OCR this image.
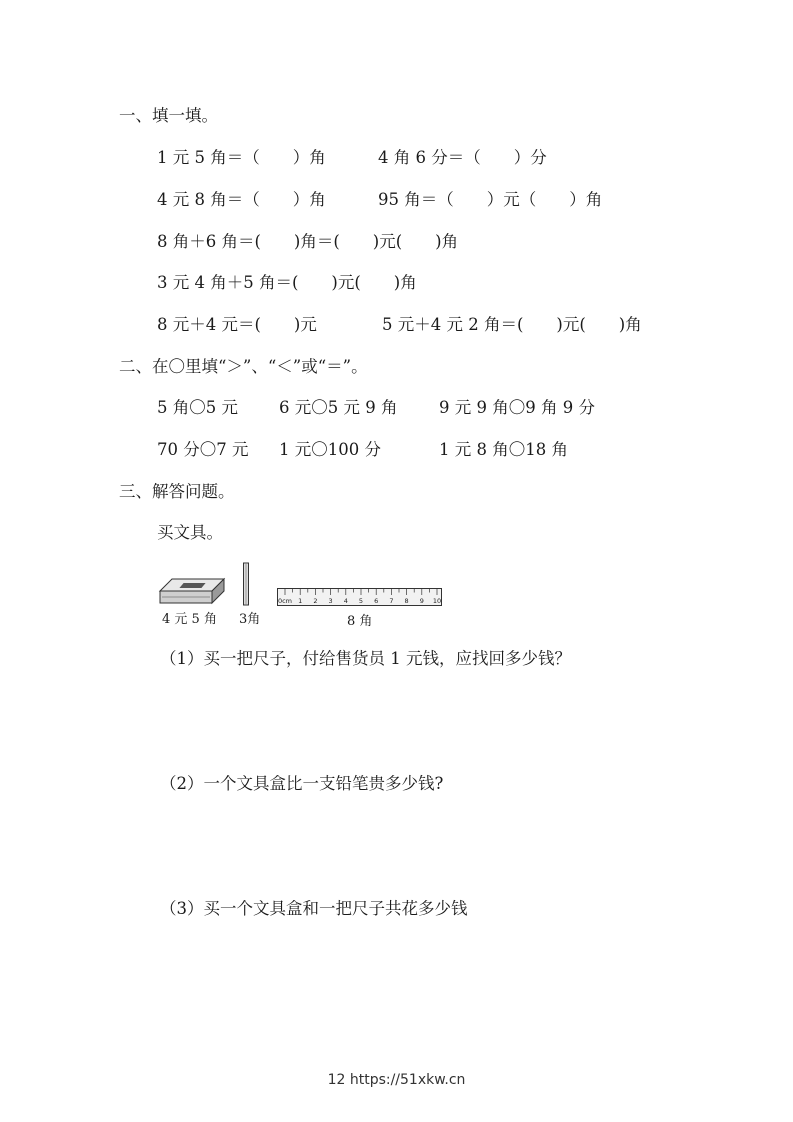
一、填一填。
1 元 5 角＝（　　）角	4 角 6 分＝（　　）分
4 元 8 角＝（　　）角	95 角＝（　　）元（　　）角
8 角＋6 角＝(　　)角＝(　　)元(　　)角
3 元 4 角＋5 角＝(　　)元(　　)角
8 元＋4 元＝(　　)元	5 元＋4 元 2 角＝(　　)元(　　)角
二、在〇里填“＞”、“＜”或“＝”。
5 角〇5 元 6 元〇5 元 9 角	9 元 9 角〇9 角 9 分
70 分〇7 元 1 元〇100 分	1 元 8 角〇18 角
三、解答问题。
买文具。
0cm 1 2 3 4 5 6 7 8 9 10
4 元 5 角 3角	8 角
（1）买一把尺子，付给售货员 1 元钱，应找回多少钱？
（2）一个文具盒比一支铅笔贵多少钱?
（3）买一个文具盒和一把尺子共花多少钱
12 https://51xkw.cn
